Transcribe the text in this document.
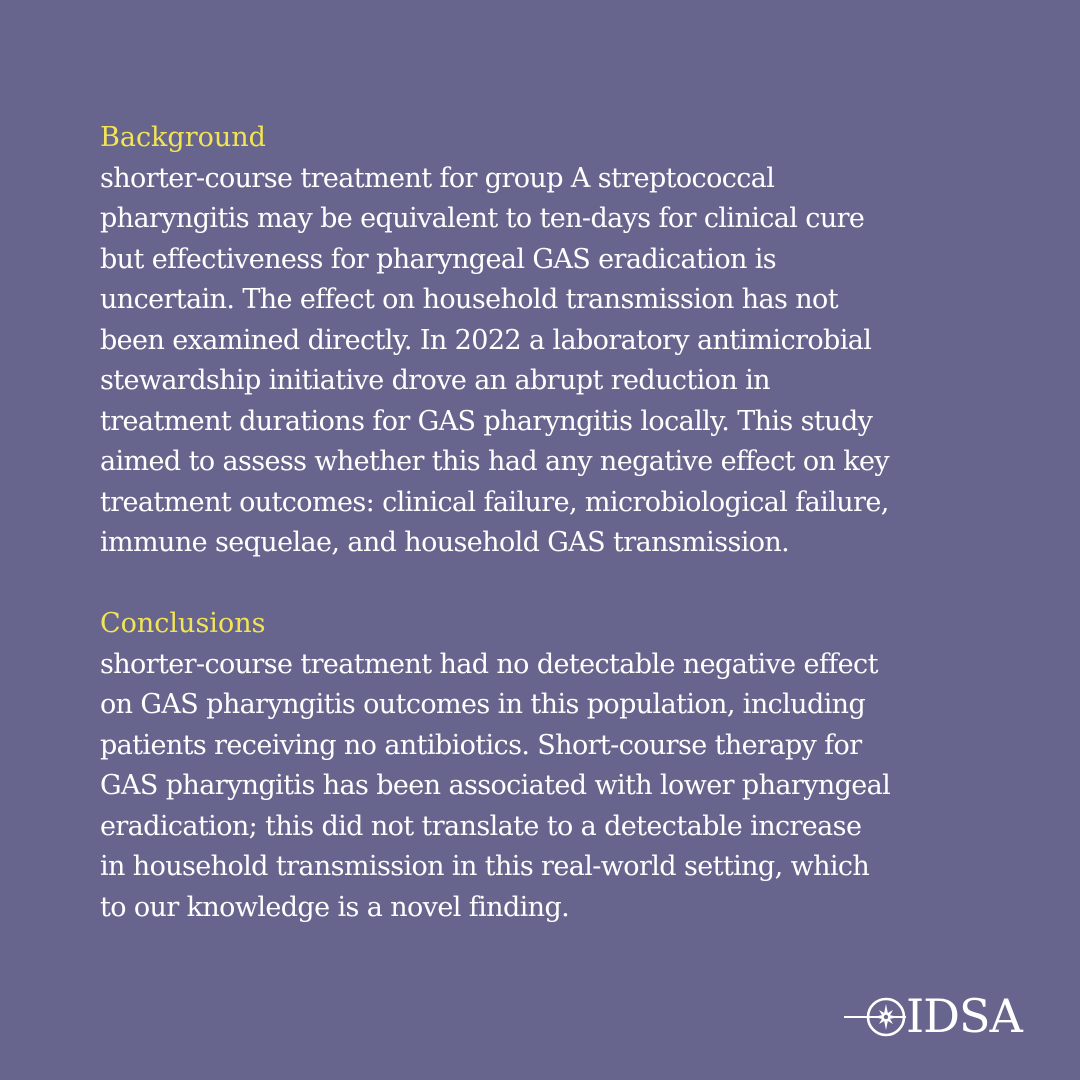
Background
shorter-course treatment for group A streptococcal
pharyngitis may be equivalent to ten-days for clinical cure
but effectiveness for pharyngeal GAS eradication is
uncertain. The effect on household transmission has not
been examined directly. In 2022 a laboratory antimicrobial
stewardship initiative drove an abrupt reduction in
treatment durations for GAS pharyngitis locally. This study
aimed to assess whether this had any negative effect on key
treatment outcomes: clinical failure, microbiological failure,
immune sequelae, and household GAS transmission.
Conclusions
shorter-course treatment had no detectable negative effect
on GAS pharyngitis outcomes in this population, including
patients receiving no antibiotics. Short-course therapy for
GAS pharyngitis has been associated with lower pharyngeal
eradication; this did not translate to a detectable increase
in household transmission in this real-world setting, which
to our knowledge is a novel finding.
IDSA
